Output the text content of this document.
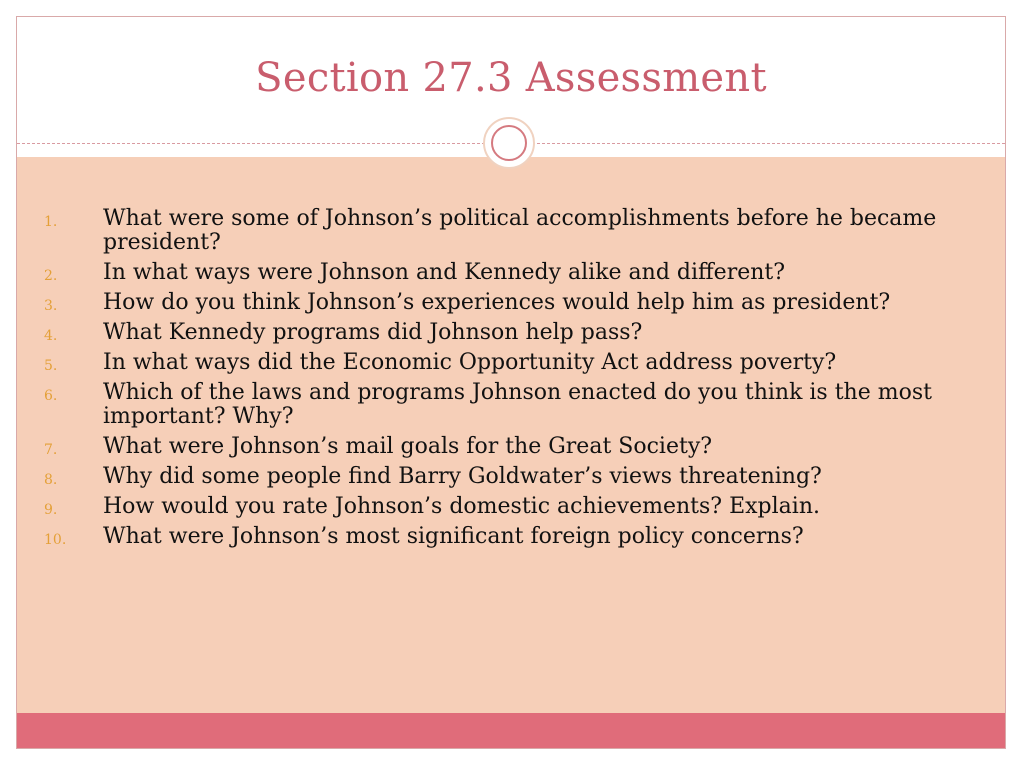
Section 27.3 Assessment
1. What were some of Johnson’s political accomplishments before he became president?
2. In what ways were Johnson and Kennedy alike and different?
3. How do you think Johnson’s experiences would help him as president?
4. What Kennedy programs did Johnson help pass?
5. In what ways did the Economic Opportunity Act address poverty?
6. Which of the laws and programs Johnson enacted do you think is the most important? Why?
7. What were Johnson’s mail goals for the Great Society?
8. Why did some people find Barry Goldwater’s views threatening?
9. How would you rate Johnson’s domestic achievements? Explain.
10. What were Johnson’s most significant foreign policy concerns?
